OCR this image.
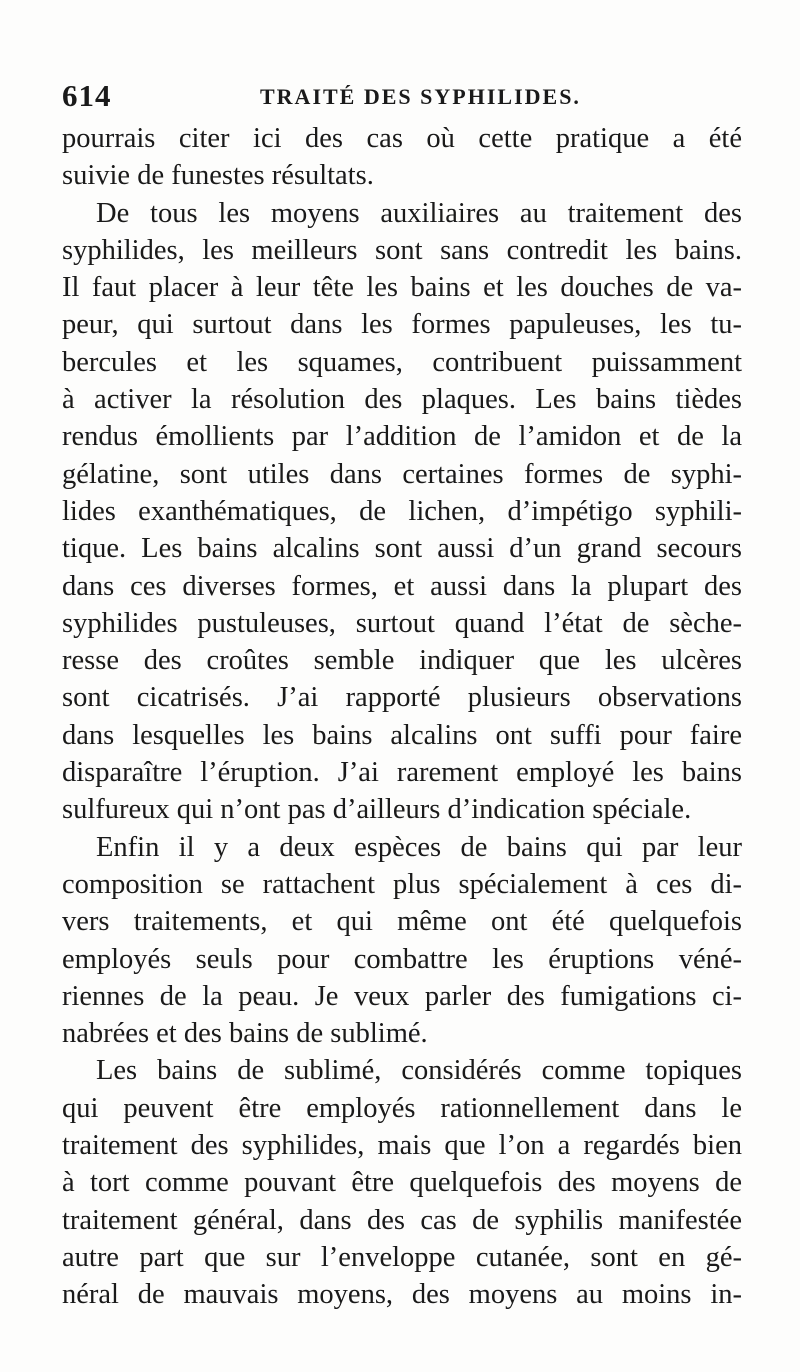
614	TRAITÉ DES SYPHILIDES.
pourrais citer ici des cas où cette pratique a été
suivie de funestes résultats.
De tous les moyens auxiliaires au traitement des
syphilides, les meilleurs sont sans contredit les bains.
Il faut placer à leur tête les bains et les douches de va-
peur, qui surtout dans les formes papuleuses, les tu-
bercules et les squames, contribuent puissamment
à activer la résolution des plaques. Les bains tièdes
rendus émollients par l’addition de l’amidon et de la
gélatine, sont utiles dans certaines formes de syphi-
lides exanthématiques, de lichen, d’impétigo syphili-
tique. Les bains alcalins sont aussi d’un grand secours
dans ces diverses formes, et aussi dans la plupart des
syphilides pustuleuses, surtout quand l’état de sèche-
resse des croûtes semble indiquer que les ulcères
sont cicatrisés. J’ai rapporté plusieurs observations
dans lesquelles les bains alcalins ont suffi pour faire
disparaître l’éruption. J’ai rarement employé les bains
sulfureux qui n’ont pas d’ailleurs d’indication spéciale.
Enfin il y a deux espèces de bains qui par leur
composition se rattachent plus spécialement à ces di-
vers traitements, et qui même ont été quelquefois
employés seuls pour combattre les éruptions véné-
riennes de la peau. Je veux parler des fumigations ci-
nabrées et des bains de sublimé.
Les bains de sublimé, considérés comme topiques
qui peuvent être employés rationnellement dans le
traitement des syphilides, mais que l’on a regardés bien
à tort comme pouvant être quelquefois des moyens de
traitement général, dans des cas de syphilis manifestée
autre part que sur l’enveloppe cutanée, sont en gé-
néral de mauvais moyens, des moyens au moins in-
